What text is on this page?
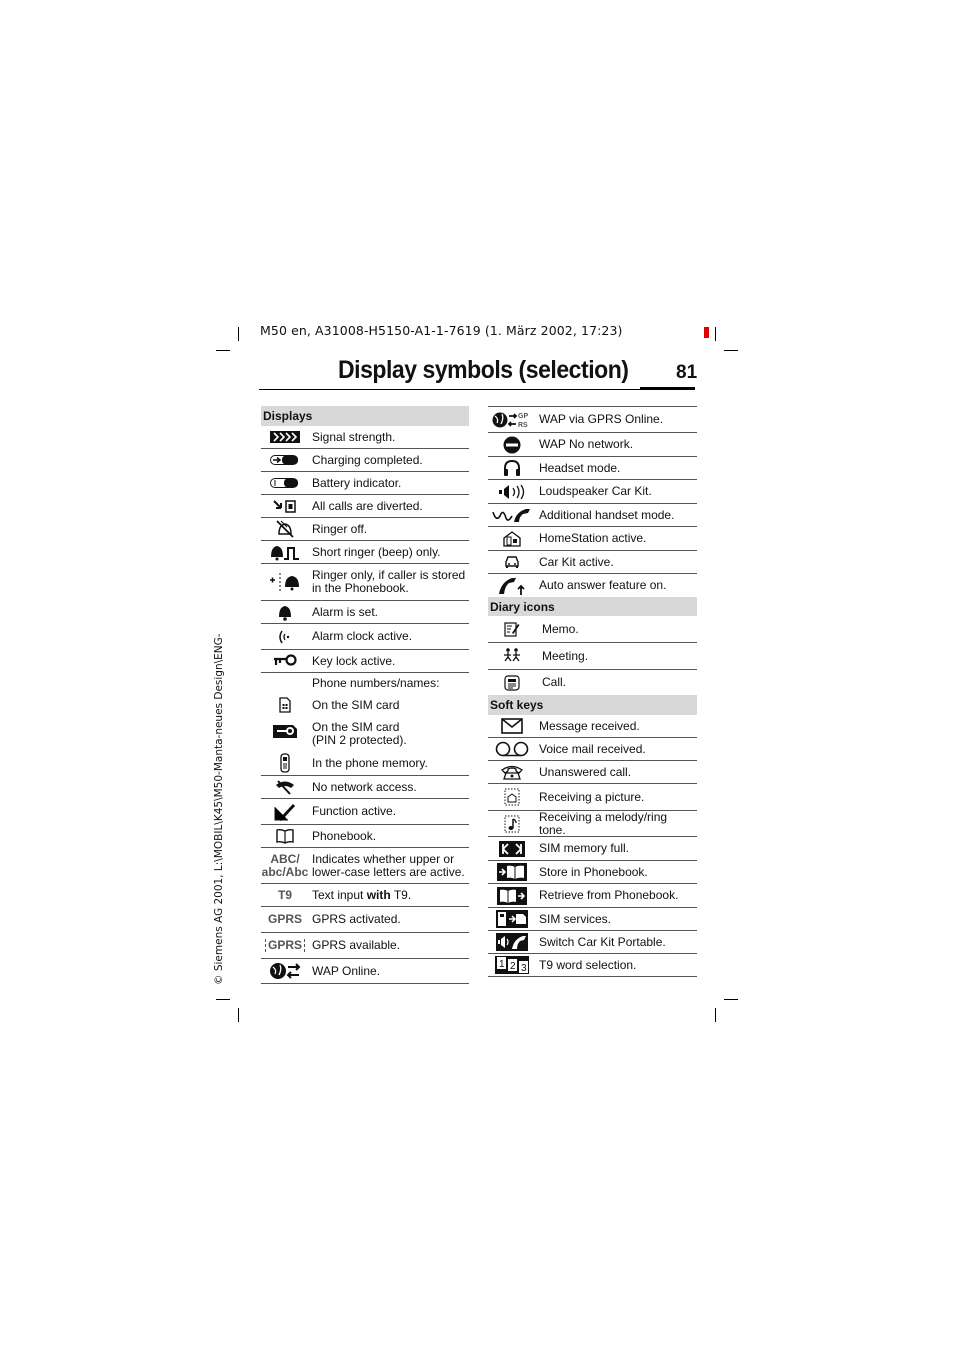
M50 en, A31008-H5150-A1-1-7619 (1. März 2002, 17:23)
Display symbols (selection) 81
© Siemens AG 2001, L:\MOBIL\K45\M50-Manta-neues Design\ENG-
Displays
Signal strength.
Charging completed.
Battery indicator.
All calls are diverted.
Ringer off.
Short ringer (beep) only.
Ringer only, if caller is stored in the Phonebook.
Alarm is set.
Alarm clock active.
Key lock active.
Phone numbers/names:
On the SIM card
On the SIM card
(PIN 2 protected).
In the phone memory.
No network access.
Function active.
Phonebook.
ABC/
abc/Abc
Indicates whether upper or lower-case letters are active.
T9 Text input with T9.
GPRS GPRS activated.
GPRS GPRS available.
WAP Online.
GP
RS WAP via GPRS Online.
WAP No network.
Headset mode.
Loudspeaker Car Kit.
Additional handset mode.
HomeStation active.
Car Kit active.
Auto answer feature on.
Diary icons
Memo.
Meeting.
Call.
Soft keys
Message received.
Voice mail received.
Unanswered call.
Receiving a picture.
Receiving a melody/ring tone.
SIM memory full.
Store in Phonebook.
Retrieve from Phonebook.
SIM services.
Switch Car Kit Portable.
1 2 3 T9 word selection.
